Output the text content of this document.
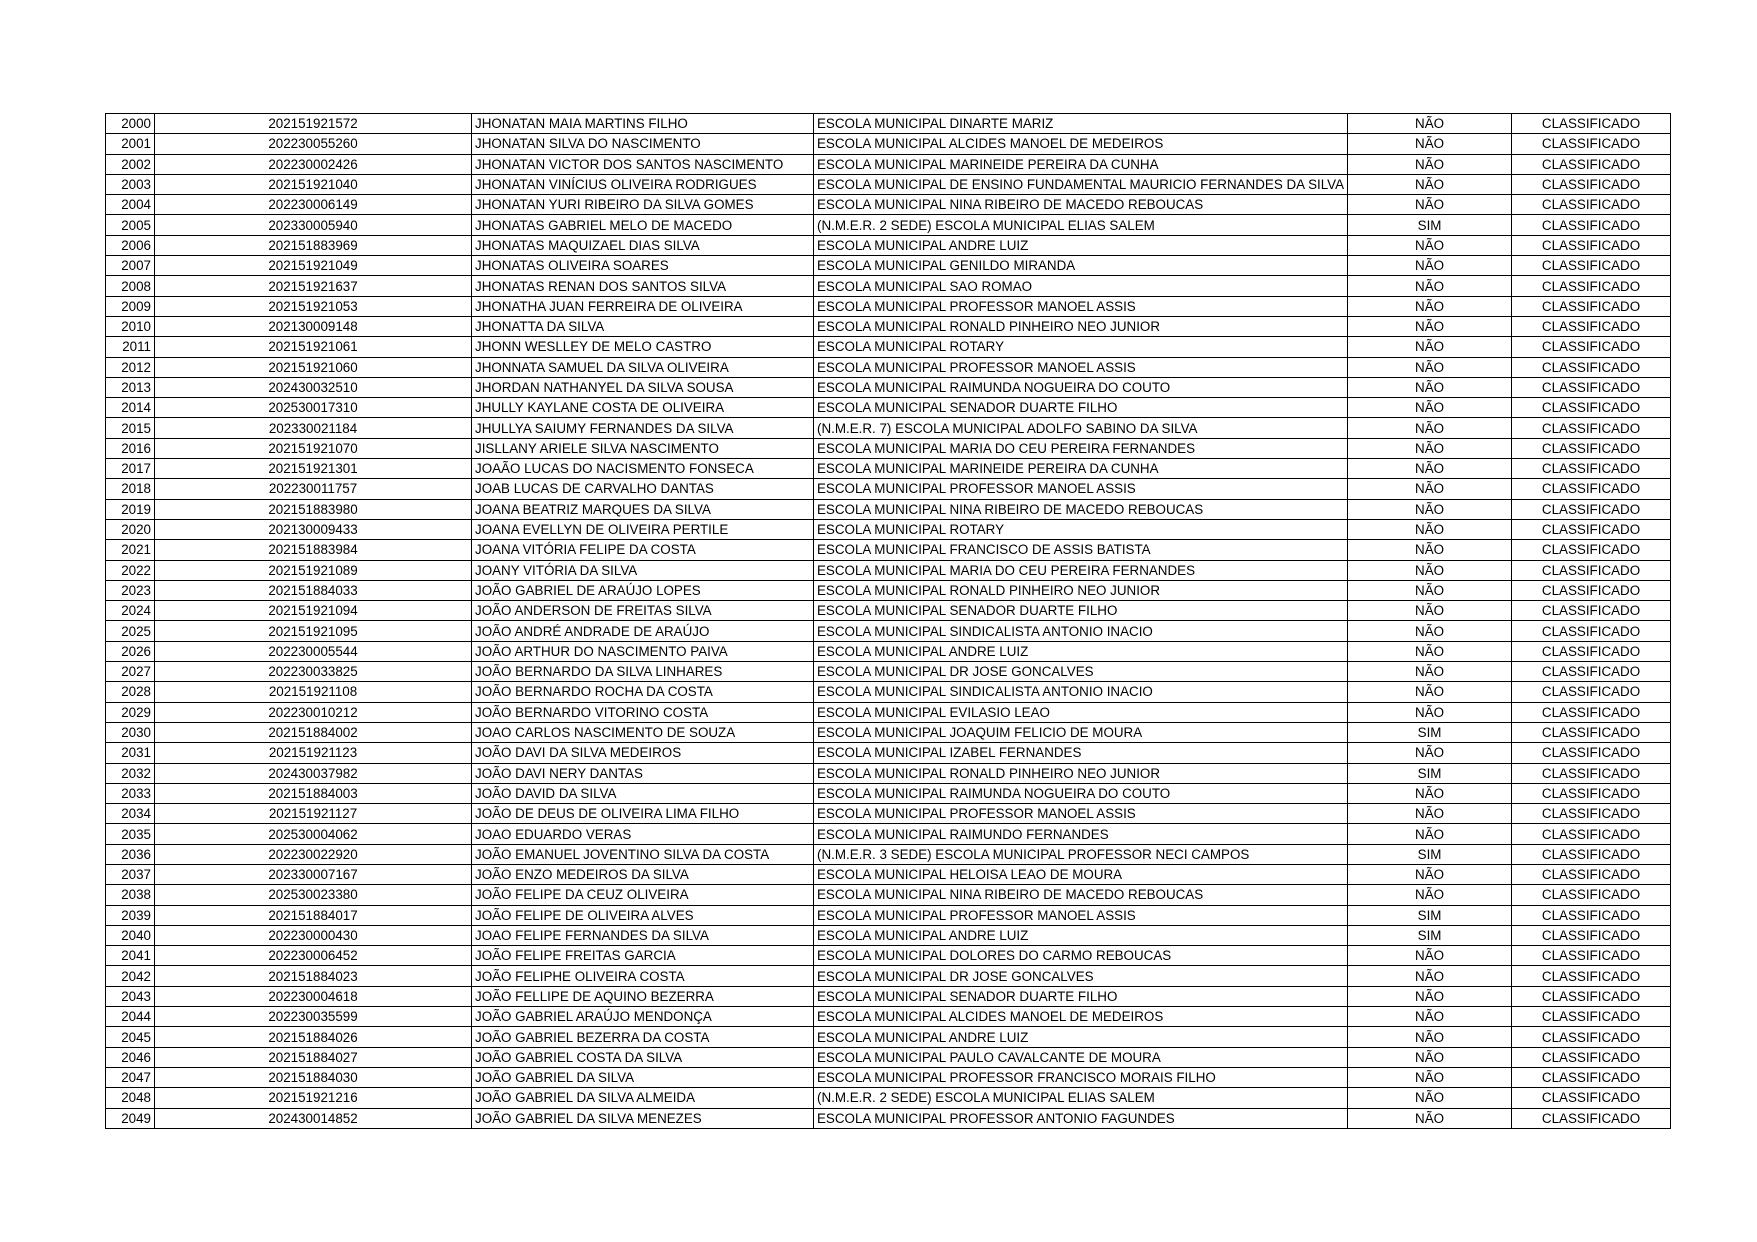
2000	202151921572	JHONATAN MAIA MARTINS FILHO	ESCOLA MUNICIPAL DINARTE MARIZ	NÃO	CLASSIFICADO
2001	202230055260	JHONATAN SILVA DO NASCIMENTO	ESCOLA MUNICIPAL ALCIDES MANOEL DE MEDEIROS	NÃO	CLASSIFICADO
2002	202230002426	JHONATAN VICTOR DOS SANTOS NASCIMENTO	ESCOLA MUNICIPAL MARINEIDE PEREIRA DA CUNHA	NÃO	CLASSIFICADO
2003	202151921040	JHONATAN VINÍCIUS OLIVEIRA RODRIGUES	ESCOLA MUNICIPAL DE ENSINO FUNDAMENTAL MAURICIO FERNANDES DA SILVA	NÃO	CLASSIFICADO
2004	202230006149	JHONATAN YURI RIBEIRO DA SILVA GOMES	ESCOLA MUNICIPAL NINA RIBEIRO DE MACEDO REBOUCAS	NÃO	CLASSIFICADO
2005	202330005940	JHONATAS GABRIEL MELO DE MACEDO	(N.M.E.R. 2 SEDE) ESCOLA MUNICIPAL ELIAS SALEM	SIM	CLASSIFICADO
2006	202151883969	JHONATAS MAQUIZAEL DIAS SILVA	ESCOLA MUNICIPAL ANDRE LUIZ	NÃO	CLASSIFICADO
2007	202151921049	JHONATAS OLIVEIRA SOARES	ESCOLA MUNICIPAL GENILDO MIRANDA	NÃO	CLASSIFICADO
2008	202151921637	JHONATAS RENAN DOS SANTOS SILVA	ESCOLA MUNICIPAL SAO ROMAO	NÃO	CLASSIFICADO
2009	202151921053	JHONATHA JUAN FERREIRA DE OLIVEIRA	ESCOLA MUNICIPAL PROFESSOR MANOEL ASSIS	NÃO	CLASSIFICADO
2010	202130009148	JHONATTA DA SILVA	ESCOLA MUNICIPAL RONALD PINHEIRO NEO JUNIOR	NÃO	CLASSIFICADO
2011	202151921061	JHONN WESLLEY DE MELO CASTRO	ESCOLA MUNICIPAL ROTARY	NÃO	CLASSIFICADO
2012	202151921060	JHONNATA SAMUEL DA SILVA OLIVEIRA	ESCOLA MUNICIPAL PROFESSOR MANOEL ASSIS	NÃO	CLASSIFICADO
2013	202430032510	JHORDAN NATHANYEL DA SILVA SOUSA	ESCOLA MUNICIPAL RAIMUNDA NOGUEIRA DO COUTO	NÃO	CLASSIFICADO
2014	202530017310	JHULLY KAYLANE COSTA DE OLIVEIRA	ESCOLA MUNICIPAL SENADOR DUARTE FILHO	NÃO	CLASSIFICADO
2015	202330021184	JHULLYA SAIUMY FERNANDES DA SILVA	(N.M.E.R. 7) ESCOLA MUNICIPAL ADOLFO SABINO DA SILVA	NÃO	CLASSIFICADO
2016	202151921070	JISLLANY ARIELE SILVA NASCIMENTO	ESCOLA MUNICIPAL MARIA DO CEU PEREIRA FERNANDES	NÃO	CLASSIFICADO
2017	202151921301	JOAÃO LUCAS DO NACISMENTO FONSECA	ESCOLA MUNICIPAL MARINEIDE PEREIRA DA CUNHA	NÃO	CLASSIFICADO
2018	202230011757	JOAB LUCAS DE CARVALHO DANTAS	ESCOLA MUNICIPAL PROFESSOR MANOEL ASSIS	NÃO	CLASSIFICADO
2019	202151883980	JOANA BEATRIZ MARQUES DA SILVA	ESCOLA MUNICIPAL NINA RIBEIRO DE MACEDO REBOUCAS	NÃO	CLASSIFICADO
2020	202130009433	JOANA EVELLYN DE OLIVEIRA PERTILE	ESCOLA MUNICIPAL ROTARY	NÃO	CLASSIFICADO
2021	202151883984	JOANA VITÓRIA FELIPE DA COSTA	ESCOLA MUNICIPAL FRANCISCO DE ASSIS BATISTA	NÃO	CLASSIFICADO
2022	202151921089	JOANY VITÓRIA DA SILVA	ESCOLA MUNICIPAL MARIA DO CEU PEREIRA FERNANDES	NÃO	CLASSIFICADO
2023	202151884033	JOÃO GABRIEL DE ARAÚJO LOPES	ESCOLA MUNICIPAL RONALD PINHEIRO NEO JUNIOR	NÃO	CLASSIFICADO
2024	202151921094	JOÃO ANDERSON DE FREITAS SILVA	ESCOLA MUNICIPAL SENADOR DUARTE FILHO	NÃO	CLASSIFICADO
2025	202151921095	JOÃO ANDRÉ ANDRADE DE ARAÚJO	ESCOLA MUNICIPAL SINDICALISTA ANTONIO INACIO	NÃO	CLASSIFICADO
2026	202230005544	JOÃO ARTHUR DO NASCIMENTO PAIVA	ESCOLA MUNICIPAL ANDRE LUIZ	NÃO	CLASSIFICADO
2027	202230033825	JOÃO BERNARDO DA SILVA LINHARES	ESCOLA MUNICIPAL DR JOSE GONCALVES	NÃO	CLASSIFICADO
2028	202151921108	JOÃO BERNARDO ROCHA DA COSTA	ESCOLA MUNICIPAL SINDICALISTA ANTONIO INACIO	NÃO	CLASSIFICADO
2029	202230010212	JOÃO BERNARDO VITORINO COSTA	ESCOLA MUNICIPAL EVILASIO LEAO	NÃO	CLASSIFICADO
2030	202151884002	JOAO CARLOS NASCIMENTO DE SOUZA	ESCOLA MUNICIPAL JOAQUIM FELICIO DE MOURA	SIM	CLASSIFICADO
2031	202151921123	JOÃO DAVI DA SILVA MEDEIROS	ESCOLA MUNICIPAL IZABEL FERNANDES	NÃO	CLASSIFICADO
2032	202430037982	JOÃO DAVI NERY DANTAS	ESCOLA MUNICIPAL RONALD PINHEIRO NEO JUNIOR	SIM	CLASSIFICADO
2033	202151884003	JOÃO DAVID DA SILVA	ESCOLA MUNICIPAL RAIMUNDA NOGUEIRA DO COUTO	NÃO	CLASSIFICADO
2034	202151921127	JOÃO DE DEUS DE OLIVEIRA LIMA FILHO	ESCOLA MUNICIPAL PROFESSOR MANOEL ASSIS	NÃO	CLASSIFICADO
2035	202530004062	JOAO EDUARDO VERAS	ESCOLA MUNICIPAL RAIMUNDO FERNANDES	NÃO	CLASSIFICADO
2036	202230022920	JOÃO EMANUEL JOVENTINO SILVA DA COSTA	(N.M.E.R. 3 SEDE) ESCOLA MUNICIPAL PROFESSOR NECI CAMPOS	SIM	CLASSIFICADO
2037	202330007167	JOÃO ENZO MEDEIROS DA SILVA	ESCOLA MUNICIPAL HELOISA LEAO DE MOURA	NÃO	CLASSIFICADO
2038	202530023380	JOÃO FELIPE DA CEUZ OLIVEIRA	ESCOLA MUNICIPAL NINA RIBEIRO DE MACEDO REBOUCAS	NÃO	CLASSIFICADO
2039	202151884017	JOÃO FELIPE DE OLIVEIRA ALVES	ESCOLA MUNICIPAL PROFESSOR MANOEL ASSIS	SIM	CLASSIFICADO
2040	202230000430	JOAO FELIPE FERNANDES DA SILVA	ESCOLA MUNICIPAL ANDRE LUIZ	SIM	CLASSIFICADO
2041	202230006452	JOÃO FELIPE FREITAS GARCIA	ESCOLA MUNICIPAL DOLORES DO CARMO REBOUCAS	NÃO	CLASSIFICADO
2042	202151884023	JOÃO FELIPHE OLIVEIRA COSTA	ESCOLA MUNICIPAL DR JOSE GONCALVES	NÃO	CLASSIFICADO
2043	202230004618	JOÃO FELLIPE DE AQUINO BEZERRA	ESCOLA MUNICIPAL SENADOR DUARTE FILHO	NÃO	CLASSIFICADO
2044	202230035599	JOÃO GABRIEL ARAÚJO MENDONÇA	ESCOLA MUNICIPAL ALCIDES MANOEL DE MEDEIROS	NÃO	CLASSIFICADO
2045	202151884026	JOÃO GABRIEL BEZERRA DA COSTA	ESCOLA MUNICIPAL ANDRE LUIZ	NÃO	CLASSIFICADO
2046	202151884027	JOÃO GABRIEL COSTA DA SILVA	ESCOLA MUNICIPAL PAULO CAVALCANTE DE MOURA	NÃO	CLASSIFICADO
2047	202151884030	JOÃO GABRIEL DA SILVA	ESCOLA MUNICIPAL PROFESSOR FRANCISCO MORAIS FILHO	NÃO	CLASSIFICADO
2048	202151921216	JOÃO GABRIEL DA SILVA ALMEIDA	(N.M.E.R. 2 SEDE) ESCOLA MUNICIPAL ELIAS SALEM	NÃO	CLASSIFICADO
2049	202430014852	JOÃO GABRIEL DA SILVA MENEZES	ESCOLA MUNICIPAL PROFESSOR ANTONIO FAGUNDES	NÃO	CLASSIFICADO
